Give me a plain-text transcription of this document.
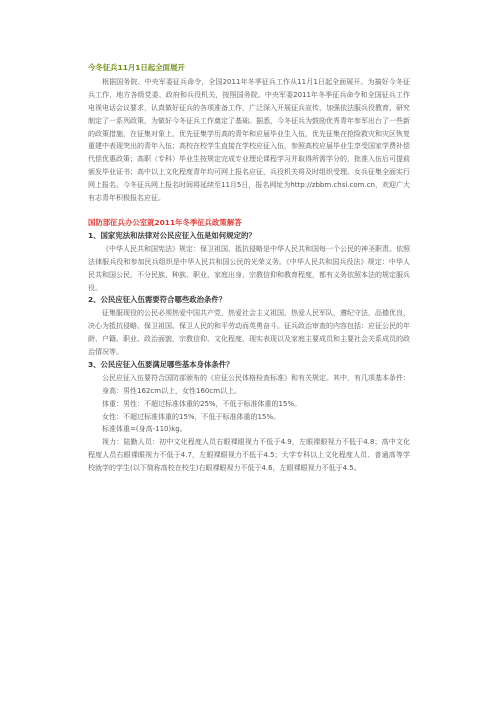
今冬征兵11月1日起全面展开

根据国务院、中央军委征兵命令，全国2011年冬季征兵工作从11月1日起全面展开。为搞好今冬征兵工作，地方各级党委、政府和兵役机关，按照国务院、中央军委2011年冬季征兵命令和全国征兵工作电视电话会议要求，认真做好征兵的各项准备工作，广泛深入开展征兵宣传，加强依法服兵役教育，研究制定了一系列政策，为做好今冬征兵工作奠定了基础。据悉，今冬征兵为鼓励优秀青年参军出台了一些新的政策措施，在征集对象上，优先征集学历高的青年和应届毕业生入伍，优先征集在抢险救灾和灾区恢复重建中表现突出的青年入伍；高校在校学生直接在学校应征入伍，参照高校应届毕业生享受国家学费补偿代偿优惠政策；高职（专科）毕业生按规定完成专业理论课程学习并取得所需学分的，批准入伍后可提前颁发毕业证书；高中以上文化程度青年均可网上报名应征，兵役机关将及时组织受理。女兵征集全面实行网上报名。今冬征兵网上报名时间将延续至11月5日，报名网址为http://zbbm.chsi.com.cn，欢迎广大有志青年积极报名应征。

国防部征兵办公室就2011年冬季征兵政策解答
1、国家宪法和法律对公民应征入伍是如何规定的？

《中华人民共和国宪法》规定：保卫祖国、抵抗侵略是中华人民共和国每一个公民的神圣职责。依照法律服兵役和参加民兵组织是中华人民共和国公民的光荣义务。《中华人民共和国兵役法》规定：中华人民共和国公民，不分民族、种族、职业、家庭出身、宗教信仰和教育程度，都有义务依照本法的规定服兵役。

2、公民应征入伍需要符合哪些政治条件？

征集服现役的公民必须热爱中国共产党，热爱社会主义祖国，热爱人民军队，遵纪守法，品德优良，决心为抵抗侵略、保卫祖国、保卫人民的和平劳动而英勇奋斗。征兵政治审查的内容包括：应征公民的年龄、户籍、职业、政治面貌、宗教信仰、文化程度、现实表现以及家庭主要成员和主要社会关系成员的政治情况等。

3、公民应征入伍要满足哪些基本身体条件？

公民应征入伍要符合国防部颁布的《应征公民体格检查标准》和有关规定。其中，有几项基本条件：

身高：男性162cm以上，女性160cm以上。
体重：男性：不超过标准体重的25%，不低于标准体重的15%。
女性：不超过标准体重的15%，不低于标准体重的15%。
标准体重=(身高-110)kg。

视力：陆勤人员：初中文化程度人员右眼裸眼视力不低于4.9，左眼裸眼视力不低于4.8；高中文化程度人员右眼裸眼视力不低于4.7，左眼裸眼视力不低于4.5；大学专科以上文化程度人员、普通高等学校就学的学生(以下简称高校在校生)右眼裸眼视力不低于4.6，左眼裸眼视力不低于4.5。
